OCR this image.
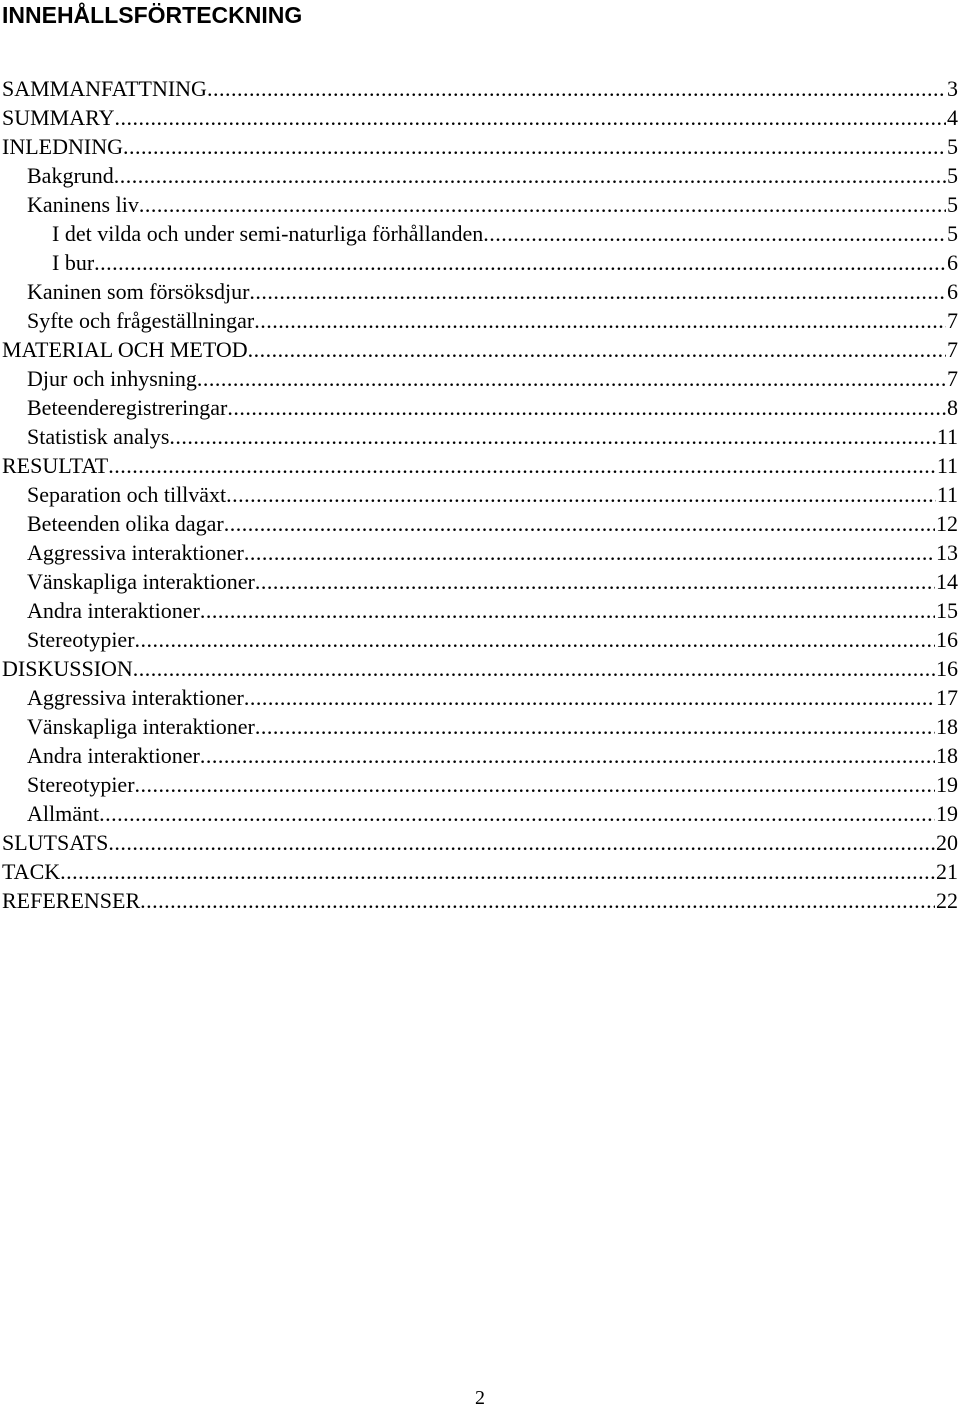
INNEHÅLLSFÖRTECKNING
SAMMANFATTNING .....	3
SUMMARY .....	4
INLEDNING .....	5
Bakgrund .....	5
Kaninens liv .....	5
I det vilda och under semi-naturliga förhållanden .....	5
I bur .....	6
Kaninen som försöksdjur .....	6
Syfte och frågeställningar .....	7
MATERIAL OCH METOD .....	7
Djur och inhysning .....	7
Beteenderegistreringar .....	8
Statistisk analys .....	11
RESULTAT .....	11
Separation och tillväxt .....	11
Beteenden olika dagar .....	12
Aggressiva interaktioner .....	13
Vänskapliga interaktioner .....	14
Andra interaktioner .....	15
Stereotypier .....	16
DISKUSSION .....	16
Aggressiva interaktioner .....	17
Vänskapliga interaktioner .....	18
Andra interaktioner .....	18
Stereotypier .....	19
Allmänt .....	19
SLUTSATS .....	20
TACK .....	21
REFERENSER .....	22
2
